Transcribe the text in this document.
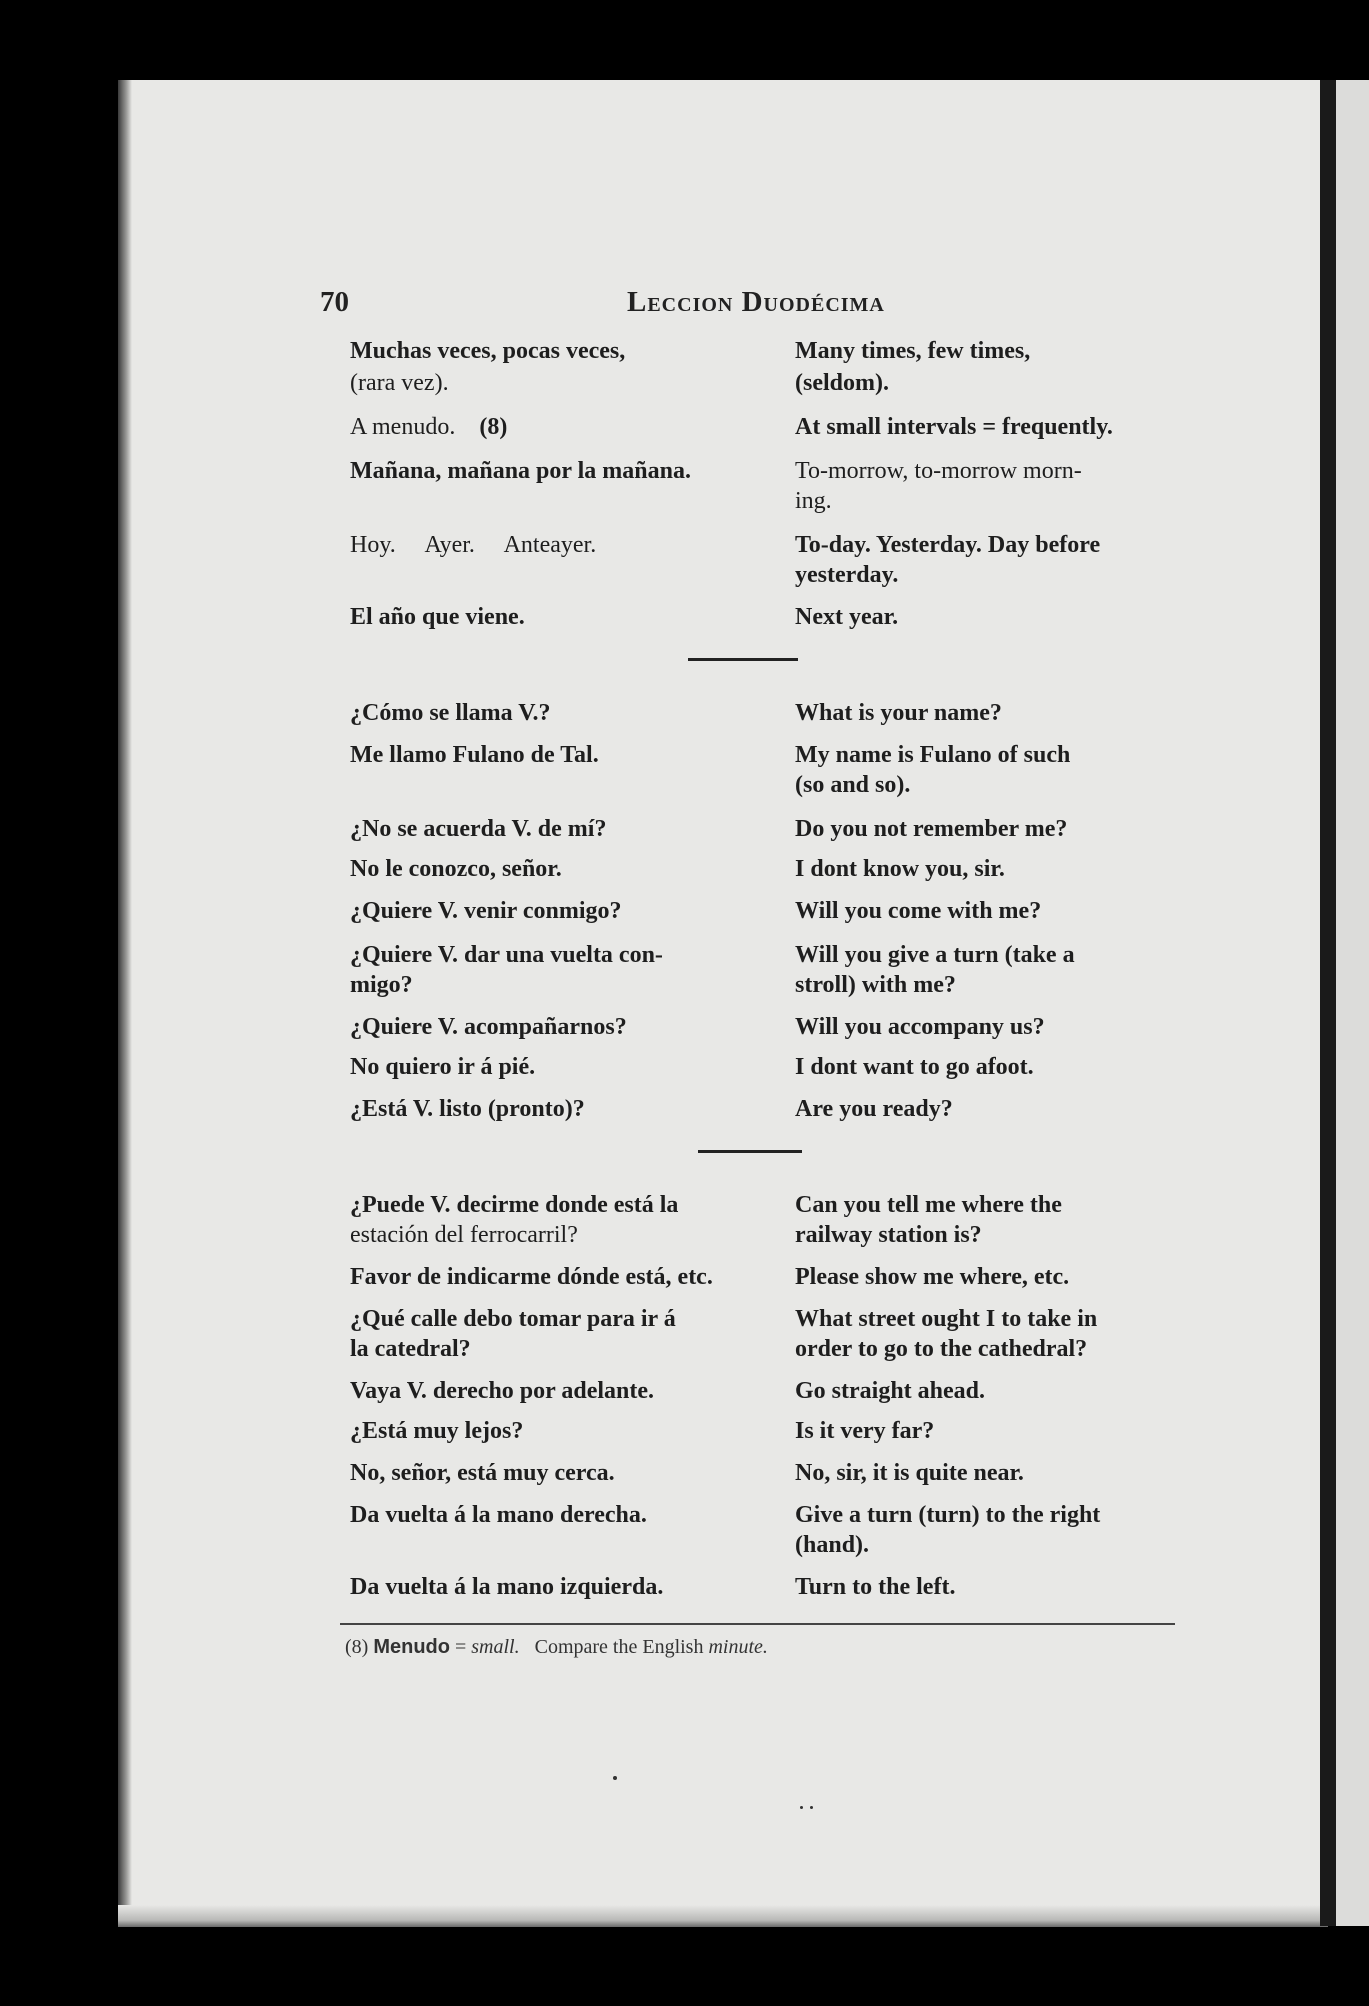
70	Leccion Duodécima
Muchas veces, pocas veces,	Many times, few times,
(rara vez).	(seldom).
A menudo. (8)	At small intervals = frequently.
Mañana, mañana por la mañana.	To-morrow, to-morrow morn-
ing.
Hoy.     Ayer.     Anteayer.	To-day. Yesterday. Day before
yesterday.
El año que viene.	Next year.
¿Cómo se llama V.?	What is your name?
Me llamo Fulano de Tal.	My name is Fulano of such
(so and so).
¿No se acuerda V. de mí?	Do you not remember me?
No le conozco, señor.	I dont know you, sir.
¿Quiere V. venir conmigo?	Will you come with me?
¿Quiere V. dar una vuelta con-	Will you give a turn (take a
migo?	stroll) with me?
¿Quiere V. acompañarnos?	Will you accompany us?
No quiero ir á pié.	I dont want to go afoot.
¿Está V. listo (pronto)?	Are you ready?
¿Puede V. decirme donde está la	Can you tell me where the
estación del ferrocarril?	railway station is?
Favor de indicarme dónde está, etc.	Please show me where, etc.
¿Qué calle debo tomar para ir á	What street ought I to take in
la catedral?	order to go to the cathedral?
Vaya V. derecho por adelante.	Go straight ahead.
¿Está muy lejos?	Is it very far?
No, señor, está muy cerca.	No, sir, it is quite near.
Da vuelta á la mano derecha.	Give a turn (turn) to the right
(hand).
Da vuelta á la mano izquierda.	Turn to the left.
(8) Menudo = small. Compare the English minute.
